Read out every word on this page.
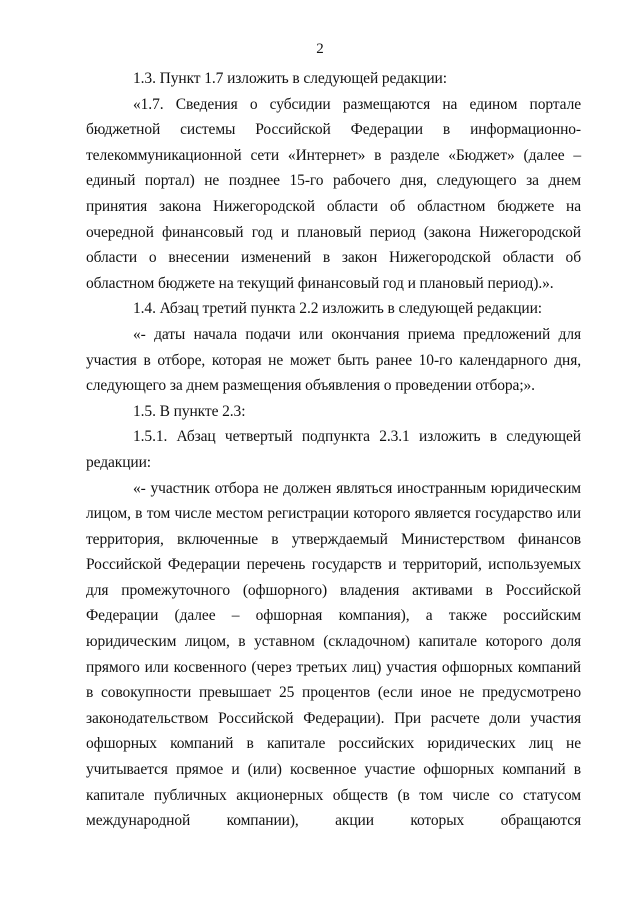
2

1.3. Пункт 1.7 изложить в следующей редакции:

«1.7. Сведения о субсидии размещаются на едином портале бюджетной системы Российской Федерации в информационно-телекоммуникационной сети «Интернет» в разделе «Бюджет» (далее – единый портал) не позднее 15-го рабочего дня, следующего за днем принятия закона Нижегородской области об областном бюджете на очередной финансовый год и плановый период (закона Нижегородской области о внесении изменений в закон Нижегородской области об областном бюджете на текущий финансовый год и плановый период).».

1.4. Абзац третий пункта 2.2 изложить в следующей редакции:

«- даты начала подачи или окончания приема предложений для участия в отборе, которая не может быть ранее 10-го календарного дня, следующего за днем размещения объявления о проведении отбора;».

1.5. В пункте 2.3:

1.5.1. Абзац четвертый подпункта 2.3.1 изложить в следующей редакции:

«- участник отбора не должен являться иностранным юридическим лицом, в том числе местом регистрации которого является государство или территория, включенные в утверждаемый Министерством финансов Российской Федерации перечень государств и территорий, используемых для промежуточного (офшорного) владения активами в Российской Федерации (далее – офшорная компания), а также российским юридическим лицом, в уставном (складочном) капитале которого доля прямого или косвенного (через третьих лиц) участия офшорных компаний в совокупности превышает 25 процентов (если иное не предусмотрено законодательством Российской Федерации). При расчете доли участия офшорных компаний в капитале российских юридических лиц не учитывается прямое и (или) косвенное участие офшорных компаний в капитале публичных акционерных обществ (в том числе со статусом международной компании), акции которых обращаются
